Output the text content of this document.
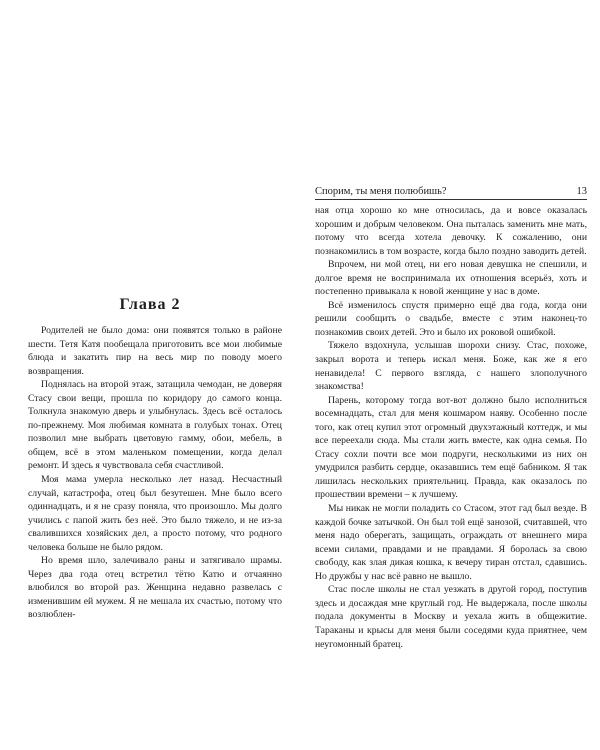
Глава 2

Родителей не было дома: они появятся только в районе шести. Тетя Катя пообещала приготовить все мои любимые блюда и закатить пир на весь мир по поводу моего возвращения.

Поднялась на второй этаж, затащила чемодан, не доверяя Стасу свои вещи, прошла по коридору до самого конца. Толкнула знакомую дверь и улыбнулась. Здесь всё осталось по-прежнему. Моя любимая комната в голубых тонах. Отец позволил мне выбрать цветовую гамму, обои, мебель, в общем, всё в этом маленьком помещении, когда делал ремонт. И здесь я чувствовала себя счастливой.

Моя мама умерла несколько лет назад. Несчастный случай, катастрофа, отец был безутешен. Мне было всего одиннадцать, и я не сразу поняла, что произошло. Мы долго учились с папой жить без неё. Это было тяжело, и не из-за свалившихся хозяйских дел, а просто потому, что родного человека больше не было рядом.

Но время шло, залечивало раны и затягивало шрамы. Через два года отец встретил тётю Катю и отчаянно влюбился во второй раз. Женщина недавно развелась с изменившим ей мужем. Я не мешала их счастью, потому что возлюблен-

Спорим, ты меня полюбишь?	13

ная отца хорошо ко мне относилась, да и вовсе оказалась хорошим и добрым человеком. Она пыталась заменить мне мать, потому что всегда хотела девочку. К сожалению, они познакомились в том возрасте, когда было поздно заводить детей.

Впрочем, ни мой отец, ни его новая девушка не спешили, и долгое время не воспринимала их отношения всерьёз, хоть и постепенно привыкала к новой женщине у нас в доме.

Всё изменилось спустя примерно ещё два года, когда они решили сообщить о свадьбе, вместе с этим наконец-то познакомив своих детей. Это и было их роковой ошибкой.

Тяжело вздохнула, услышав шорохи снизу. Стас, похоже, закрыл ворота и теперь искал меня. Боже, как же я его ненавидела! С первого взгляда, с нашего злополучного знакомства!

Парень, которому тогда вот-вот должно было исполниться восемнадцать, стал для меня кошмаром наяву. Особенно после того, как отец купил этот огромный двухэтажный коттедж, и мы все переехали сюда. Мы стали жить вместе, как одна семья. По Стасу сохли почти все мои подруги, несколькими из них он умудрился разбить сердце, оказавшись тем ещё бабником. Я так лишилась нескольких приятельниц. Правда, как оказалось по прошествии времени – к лучшему.

Мы никак не могли поладить со Стасом, этот гад был везде. В каждой бочке затычкой. Он был той ещё занозой, считавшей, что меня надо оберегать, защищать, ограждать от внешнего мира всеми силами, правдами и не правдами. Я боролась за свою свободу, как злая дикая кошка, к вечеру тиран отстал, сдавшись. Но дружбы у нас всё равно не вышло.

Стас после школы не стал уезжать в другой город, поступив здесь и досаждая мне круглый год. Не выдержала, после школы подала документы в Москву и уехала жить в общежитие. Тараканы и крысы для меня были соседями куда приятнее, чем неугомонный братец.
